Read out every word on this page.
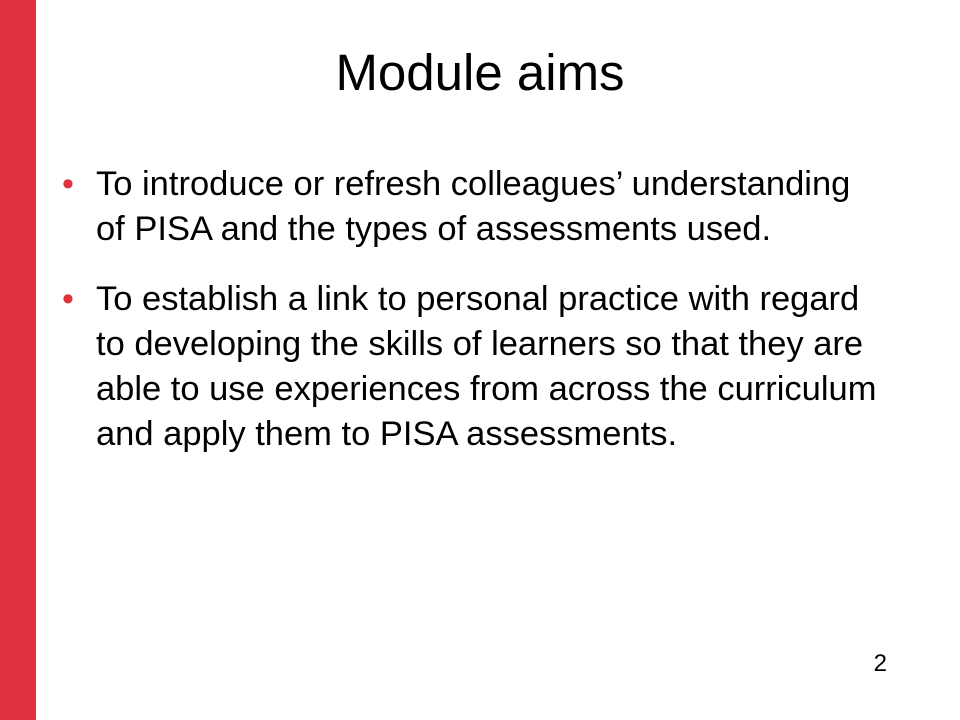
Module aims
• To introduce or refresh colleagues’ understanding of PISA and the types of assessments used.
• To establish a link to personal practice with regard to developing the skills of learners so that they are able to use experiences from across the curriculum and apply them to PISA assessments.
2
